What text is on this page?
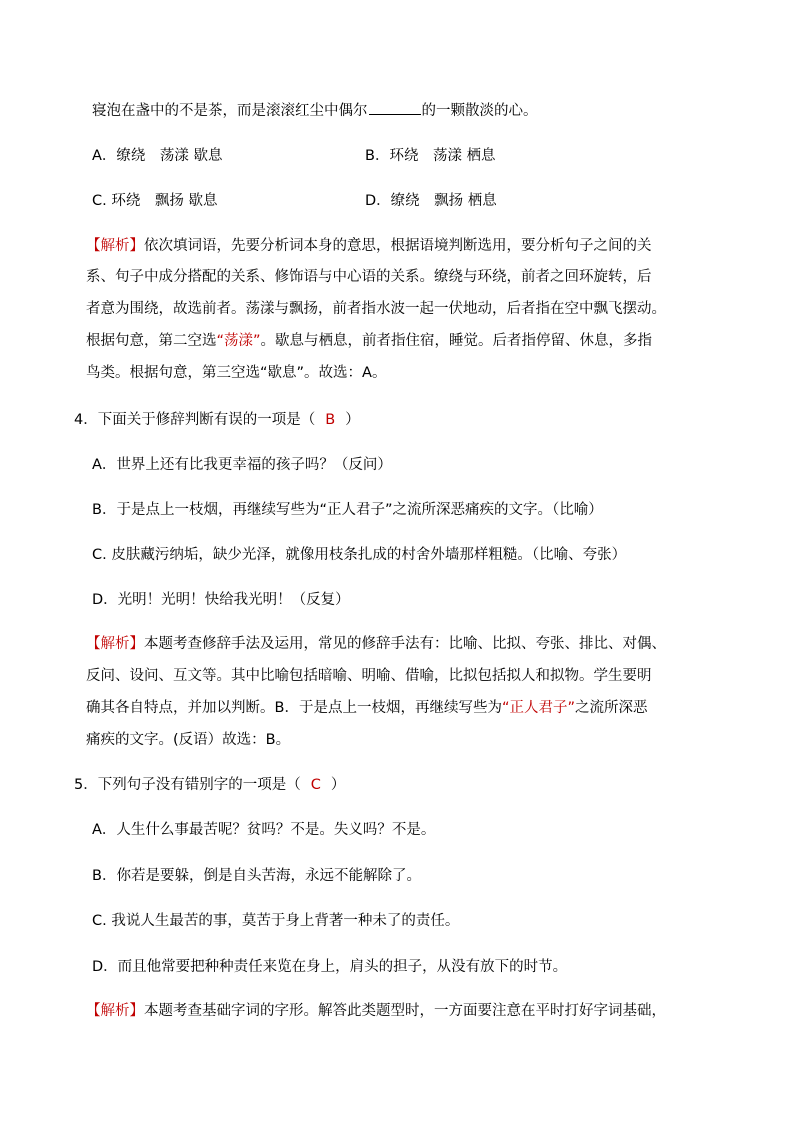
寝泡在盏中的不是茶，而是滚滚红尘中偶尔	的一颗散淡的心。
A．缭绕　荡漾 歇息	B．环绕　荡漾 栖息
C. 环绕　飘扬 歇息	D．缭绕　飘扬 栖息
【解析】依次填词语，先要分析词本身的意思，根据语境判断选用，要分析句子之间的关
系、句子中成分搭配的关系、修饰语与中心语的关系。缭绕与环绕，前者之回环旋转，后
者意为围绕，故选前者。荡漾与飘扬，前者指水波一起一伏地动，后者指在空中飘飞摆动。
根据句意，第二空选“荡漾”。歇息与栖息，前者指住宿，睡觉。后者指停留、休息，多指
鸟类。根据句意，第三空选“歇息”。故选：A。
4．下面关于修辞判断有误的一项是（ B ）
A．世界上还有比我更幸福的孩子吗？（反问）
B．于是点上一枝烟，再继续写些为“正人君子”之流所深恶痛疾的文字。（比喻）
C. 皮肤藏污纳垢，缺少光泽，就像用枝条扎成的村舍外墙那样粗糙。（比喻、夸张）
D．光明！光明！快给我光明！（反复）
【解析】本题考查修辞手法及运用，常见的修辞手法有：比喻、比拟、夸张、排比、对偶、
反问、设问、互文等。其中比喻包括暗喻、明喻、借喻，比拟包括拟人和拟物。学生要明
确其各自特点，并加以判断。B．于是点上一枝烟，再继续写些为“正人君子”之流所深恶
痛疾的文字。(反语）故选：B。
5．下列句子没有错别字的一项是（ C ）
A．人生什么事最苦呢？贫吗？不是。失义吗？不是。
B．你若是要躲，倒是自头苦海，永远不能解除了。
C. 我说人生最苦的事，莫苦于身上背著一种未了的责任。
D．而且他常要把种种责任来览在身上，肩头的担子，从没有放下的时节。
【解析】本题考查基础字词的字形。解答此类题型时，一方面要注意在平时打好字词基础，
